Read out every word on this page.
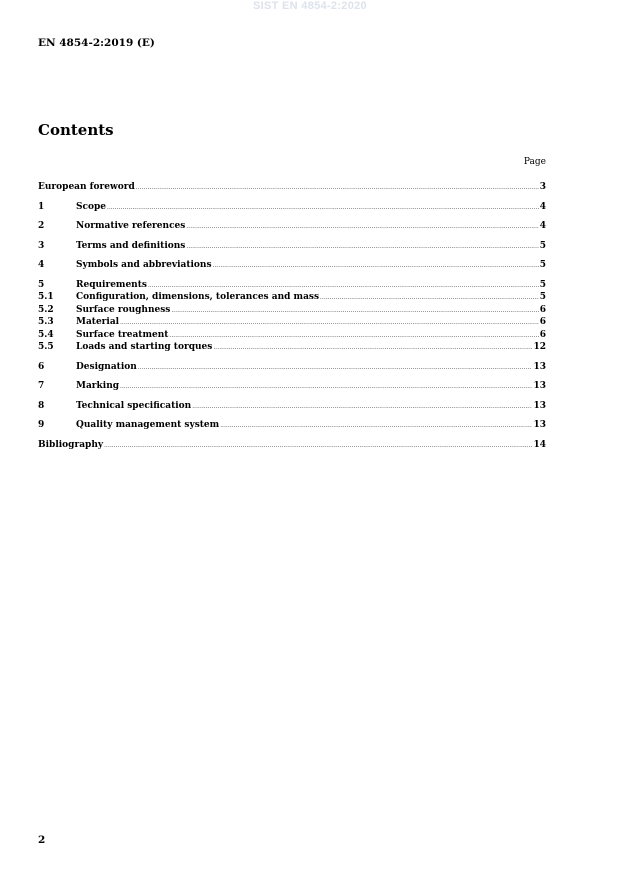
SIST EN 4854-2:2020
EN 4854-2:2019 (E)
Contents
Page
European foreword .....	3
1	Scope .....	4
2	Normative references .....	4
3	Terms and definitions .....	5
4	Symbols and abbreviations .....	5
5	Requirements .....	5
5.1	Configuration, dimensions, tolerances and mass .....	5
5.2	Surface roughness .....	6
5.3	Material .....	6
5.4	Surface treatment .....	6
5.5	Loads and starting torques .....	12
6	Designation .....	13
7	Marking .....	13
8	Technical specification .....	13
9	Quality management system .....	13
Bibliography .....	14
2
